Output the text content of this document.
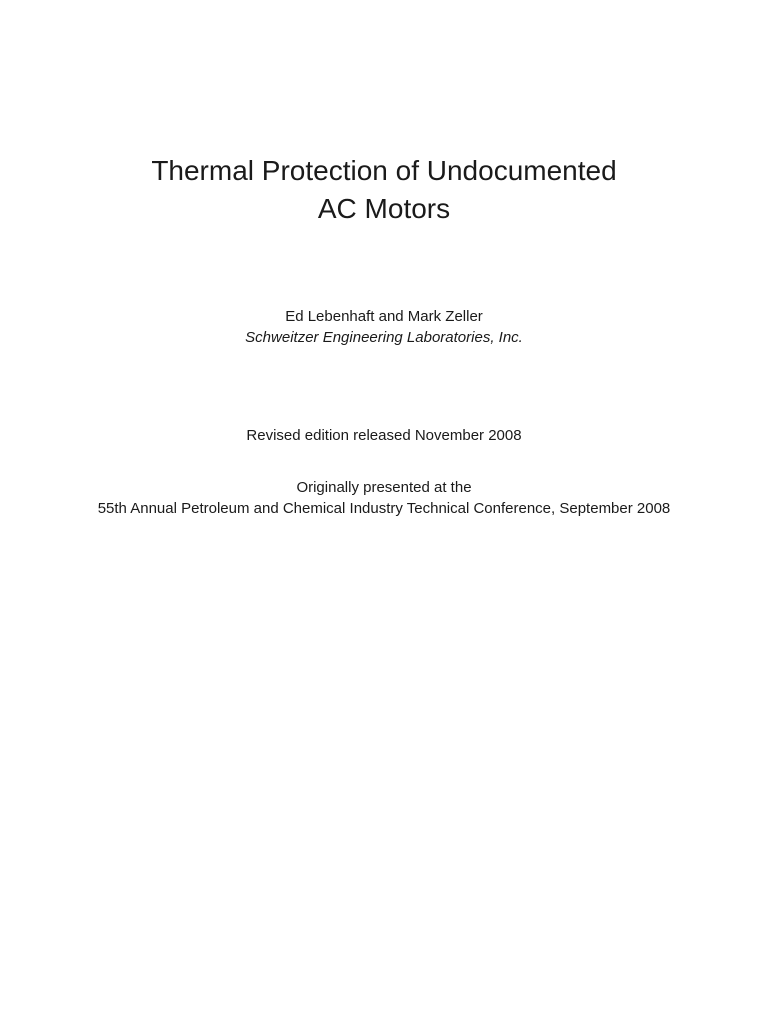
Thermal Protection of Undocumented
AC Motors

Ed Lebenhaft and Mark Zeller

Schweitzer Engineering Laboratories, Inc.

Revised edition released November 2008

Originally presented at the

55th Annual Petroleum and Chemical Industry Technical Conference, September 2008
